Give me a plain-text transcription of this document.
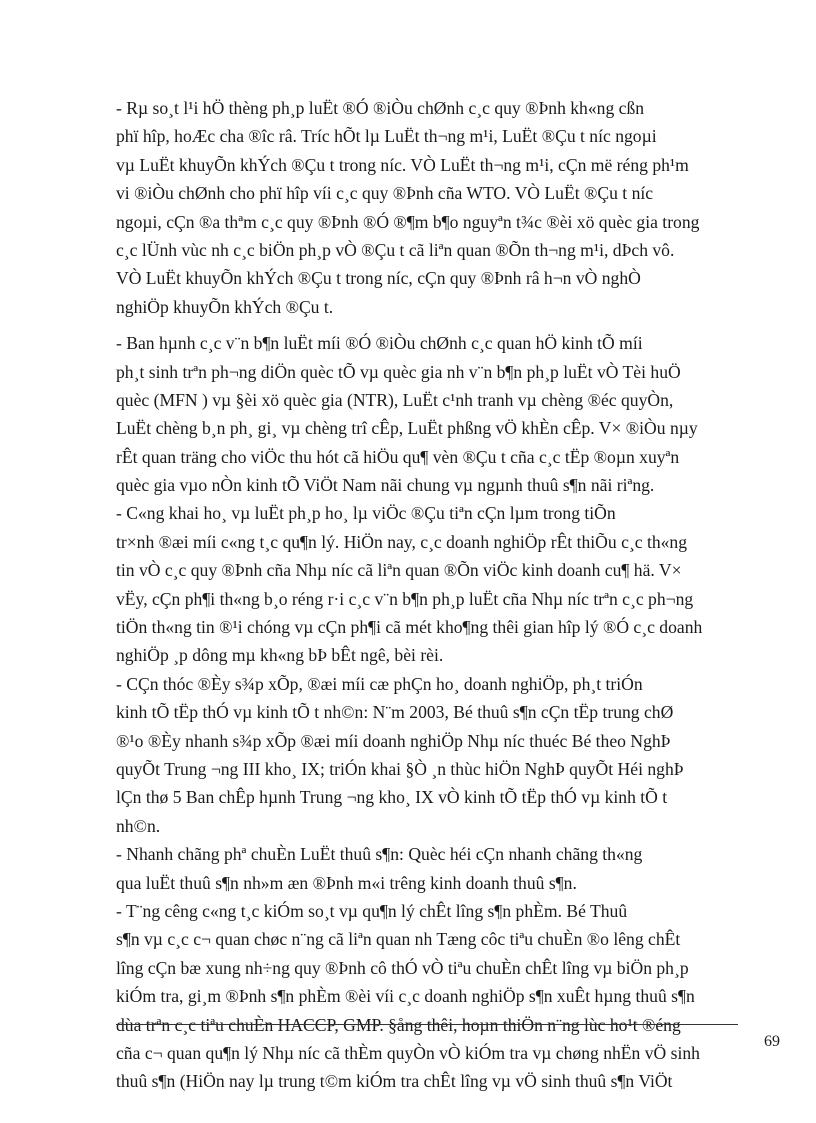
- Rµ so¸t l¹i hÖ thèng ph¸p luËt ®Ó ®iÒu chØnh c¸c quy ®Þnh kh«ng cßn
phï hîp, hoÆc cha ®îc râ. Tríc hÕt lµ LuËt th¬ng m¹i, LuËt ®Çu t níc ngoµi
vµ LuËt khuyÕn khÝch ®Çu t trong níc. VÒ LuËt th¬ng m¹i, cÇn më réng ph¹m
vi ®iÒu chØnh cho phï hîp víi c¸c quy ®Þnh cña WTO. VÒ LuËt ®Çu t níc
ngoµi, cÇn ®a thªm c¸c quy ®Þnh ®Ó ®¶m b¶o nguyªn t¾c ®èi xö quèc gia trong
c¸c lÜnh vùc nh c¸c biÖn ph¸p vÒ ®Çu t cã liªn quan ®Õn th¬ng m¹i, dÞch vô.
VÒ LuËt khuyÕn khÝch ®Çu t trong níc, cÇn quy ®Þnh râ h¬n vÒ nghÒ
nghiÖp khuyÕn khÝch ®Çu t.
- Ban hµnh c¸c v¨n b¶n luËt míi ®Ó ®iÒu chØnh c¸c quan hÖ kinh tÕ míi
ph¸t sinh trªn ph¬ng diÖn quèc tÕ vµ quèc gia nh v¨n b¶n ph¸p luËt vÒ Tèi huÖ
quèc (MFN ) vµ §èi xö quèc gia (NTR), LuËt c¹nh tranh vµ chèng ®éc quyÒn,
LuËt chèng b¸n ph¸ gi¸ vµ chèng trî cÊp, LuËt phßng vÖ khÈn cÊp. V× ®iÒu nµy
rÊt quan träng cho viÖc thu hót cã hiÖu qu¶ vèn ®Çu t cña c¸c tËp ®oµn xuyªn
quèc gia vµo nÒn kinh tÕ ViÖt Nam nãi chung vµ ngµnh thuû s¶n nãi riªng.
- C«ng khai ho¸ vµ luËt ph¸p ho¸ lµ viÖc ®Çu tiªn cÇn lµm trong tiÕn
tr×nh ®æi míi c«ng t¸c qu¶n lý. HiÖn nay, c¸c doanh nghiÖp rÊt thiÕu c¸c th«ng
tin vÒ c¸c quy ®Þnh cña Nhµ níc cã liªn quan ®Õn viÖc kinh doanh cu¶ hä. V×
vËy, cÇn ph¶i th«ng b¸o réng r·i c¸c v¨n b¶n ph¸p luËt cña Nhµ níc trªn c¸c ph¬ng
tiÖn th«ng tin ®¹i chóng vµ cÇn ph¶i cã mét kho¶ng thêi gian hîp lý ®Ó c¸c doanh
nghiÖp ¸p dông mµ kh«ng bÞ bÊt ngê, bèi rèi.
- CÇn thóc ®Èy s¾p xÕp, ®æi míi cæ phÇn ho¸ doanh nghiÖp, ph¸t triÓn
kinh tÕ tËp thÓ vµ kinh tÕ t nh©n: N¨m 2003, Bé thuû s¶n cÇn tËp trung chØ
®¹o ®Èy nhanh s¾p xÕp ®æi míi doanh nghiÖp Nhµ níc thuéc Bé theo NghÞ
quyÕt Trung ¬ng III kho¸ IX; triÓn khai §Ò ¸n thùc hiÖn NghÞ quyÕt Héi nghÞ
lÇn thø 5 Ban chÊp hµnh Trung ¬ng kho¸ IX vÒ kinh tÕ tËp thÓ vµ kinh tÕ t
nh©n.
- Nhanh chãng phª chuÈn LuËt thuû s¶n: Quèc héi cÇn nhanh chãng th«ng
qua luËt thuû s¶n nh»m æn ®Þnh m«i trêng kinh doanh thuû s¶n.
- T¨ng cêng c«ng t¸c kiÓm so¸t vµ qu¶n lý chÊt lîng s¶n phÈm. Bé Thuû
s¶n vµ c¸c c¬ quan chøc n¨ng cã liªn quan nh Tæng côc tiªu chuÈn ®o lêng chÊt
lîng cÇn bæ xung nh÷ng quy ®Þnh cô thÓ vÒ tiªu chuÈn chÊt lîng vµ biÖn ph¸p
kiÓm tra, gi¸m ®Þnh s¶n phÈm ®èi víi c¸c doanh nghiÖp s¶n xuÊt hµng thuû s¶n
dùa trªn c¸c tiªu chuÈn HACCP, GMP. §ång thêi, hoµn thiÖn n¨ng lùc ho¹t ®éng
cña c¬ quan qu¶n lý Nhµ níc cã thÈm quyÒn vÒ kiÓm tra vµ chøng nhËn vÖ sinh
thuû s¶n (HiÖn nay lµ trung t©m kiÓm tra chÊt lîng vµ vÖ sinh thuû s¶n ViÖt
69
